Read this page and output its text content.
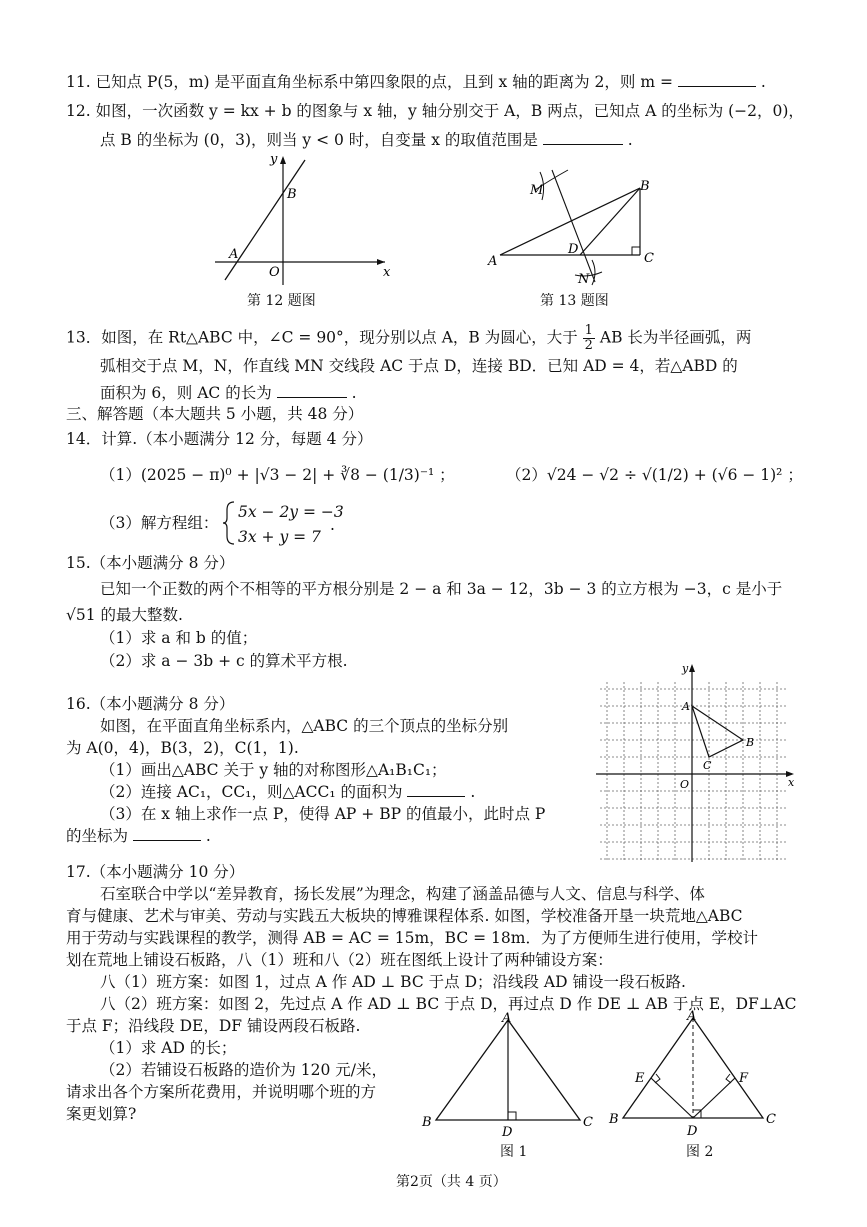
11. 已知点 P(5，m) 是平面直角坐标系中第四象限的点，且到 x 轴的距离为 2，则 m =	.
12. 如图，一次函数 y = kx + b 的图象与 x 轴，y 轴分别交于 A，B 两点，已知点 A 的坐标为 (−2，0)，
点 B 的坐标为 (0，3)，则当 y < 0 时，自变量 x 的取值范围是	.
y
x
B
A
O
第 12 题图
M
N
A
B
C
D
第 13 题图
13．如图，在 Rt△ABC 中，∠C = 90°，现分别以点 A，B 为圆心，大于 $\frac{1}{2}$ AB 长为半径画弧，两
弧相交于点 M，N，作直线 MN 交线段 AC 于点 D，连接 BD．已知 AD = 4，若△ABD 的
面积为 6，则 AC 的长为	.
三、解答题（本大题共 5 小题，共 48 分）
14．计算.（本小题满分 12 分，每题 4 分）
（1）(2025 − π)⁰ + |√3 − 2| + ∛8 − (1/3)⁻¹ ；	（2）√24 − √2 ÷ √(1/2) + (√6 − 1)² ；
（3）解方程组：
5x − 2y = −3
3x + y = 7
.
15.（本小题满分 8 分）
已知一个正数的两个不相等的平方根分别是 2 − a 和 3a − 12，3b − 3 的立方根为 −3，c 是小于
√51 的最大整数.
（1）求 a 和 b 的值；
（2）求 a − 3b + c 的算术平方根.
16.（本小题满分 8 分）
如图，在平面直角坐标系内，△ABC 的三个顶点的坐标分别
为 A(0，4)，B(3，2)，C(1，1).
（1）画出△ABC 关于 y 轴的对称图形△A₁B₁C₁；
（2）连接 AC₁，CC₁，则△ACC₁ 的面积为	.
（3）在 x 轴上求作一点 P，使得 AP + BP 的值最小，此时点 P
的坐标为	.
y
x
O
A
B
C
17.（本小题满分 10 分）
石室联合中学以“差异教育，扬长发展”为理念，构建了涵盖品德与人文、信息与科学、体
育与健康、艺术与审美、劳动与实践五大板块的博雅课程体系. 如图，学校准备开垦一块荒地△ABC
用于劳动与实践课程的教学，测得 AB = AC = 15m，BC = 18m．为了方便师生进行使用，学校计
划在荒地上铺设石板路，八（1）班和八（2）班在图纸上设计了两种铺设方案：
八（1）班方案：如图 1，过点 A 作 AD ⊥ BC 于点 D；沿线段 AD 铺设一段石板路.
八（2）班方案：如图 2，先过点 A 作 AD ⊥ BC 于点 D，再过点 D 作 DE ⊥ AB 于点 E，DF⊥AC
于点 F；沿线段 DE，DF 铺设两段石板路.
（1）求 AD 的长；
（2）若铺设石板路的造价为 120 元/米，
请求出各个方案所花费用，并说明哪个班的方
案更划算?
A
B	C
D
图 1
A
B	C
D
E	F
图 2
第2页（共 4 页）
